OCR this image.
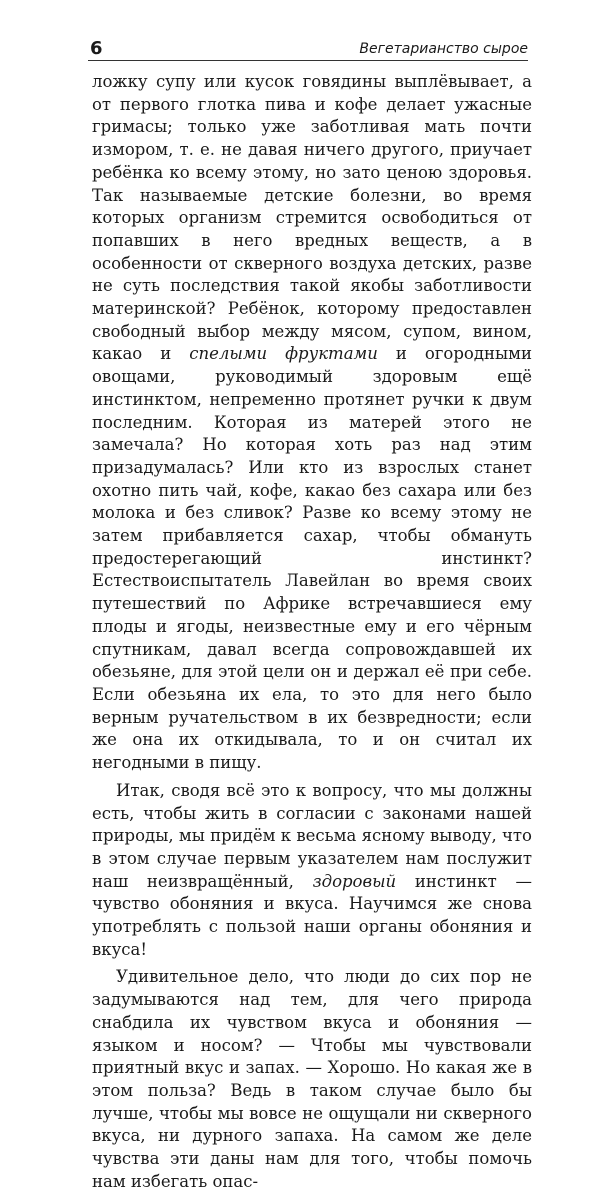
6	Вегетарианство сырое

ложку супу или кусок говядины выплёвывает, а от первого глотка пива и кофе делает ужасные гримасы; только уже заботливая мать почти измором, т. е. не давая ничего другого, приучает ребёнка ко всему этому, но зато ценою здоровья. Так называемые детские болезни, во время которых организм стремится освободиться от попавших в него вредных веществ, а в особенности от скверного воздуха детских, разве не суть последствия такой якобы заботливости материнской? Ребёнок, которому предоставлен свободный выбор между мясом, супом, вином, какао и спелыми фруктами и огородными овощами, руководимый здоровым ещё инстинктом, непременно протянет ручки к двум последним. Которая из матерей этого не замечала? Но которая хоть раз над этим призадумалась? Или кто из взрослых станет охотно пить чай, кофе, какао без сахара или без молока и без сливок? Разве ко всему этому не затем прибавляется сахар, чтобы обмануть предостерегающий инстинкт? Естествоиспытатель Лавейлан во время своих путешествий по Африке встречавшиеся ему плоды и ягоды, неизвестные ему и его чёрным спутникам, давал всегда сопровождавшей их обезьяне, для этой цели он и держал её при себе. Если обезьяна их ела, то это для него было верным ручательством в их безвредности; если же она их откидывала, то и он считал их негодными в пищу.

Итак, сводя всё это к вопросу, что мы должны есть, чтобы жить в согласии с законами нашей природы, мы придём к весьма ясному выводу, что в этом случае первым указателем нам послужит наш неизвращённый, здоровый инстинкт — чувство обоняния и вкуса. Научимся же снова употреблять с пользой наши органы обоняния и вкуса!

Удивительное дело, что люди до сих пор не задумываются над тем, для чего природа снабдила их чувством вкуса и обоняния — языком и носом? — Чтобы мы чувствовали приятный вкус и запах. — Хорошо. Но какая же в этом польза? Ведь в таком случае было бы лучше, чтобы мы вовсе не ощущали ни скверного вкуса, ни дурного запаха. На самом же деле чувства эти даны нам для того, чтобы помочь нам избегать опас-
